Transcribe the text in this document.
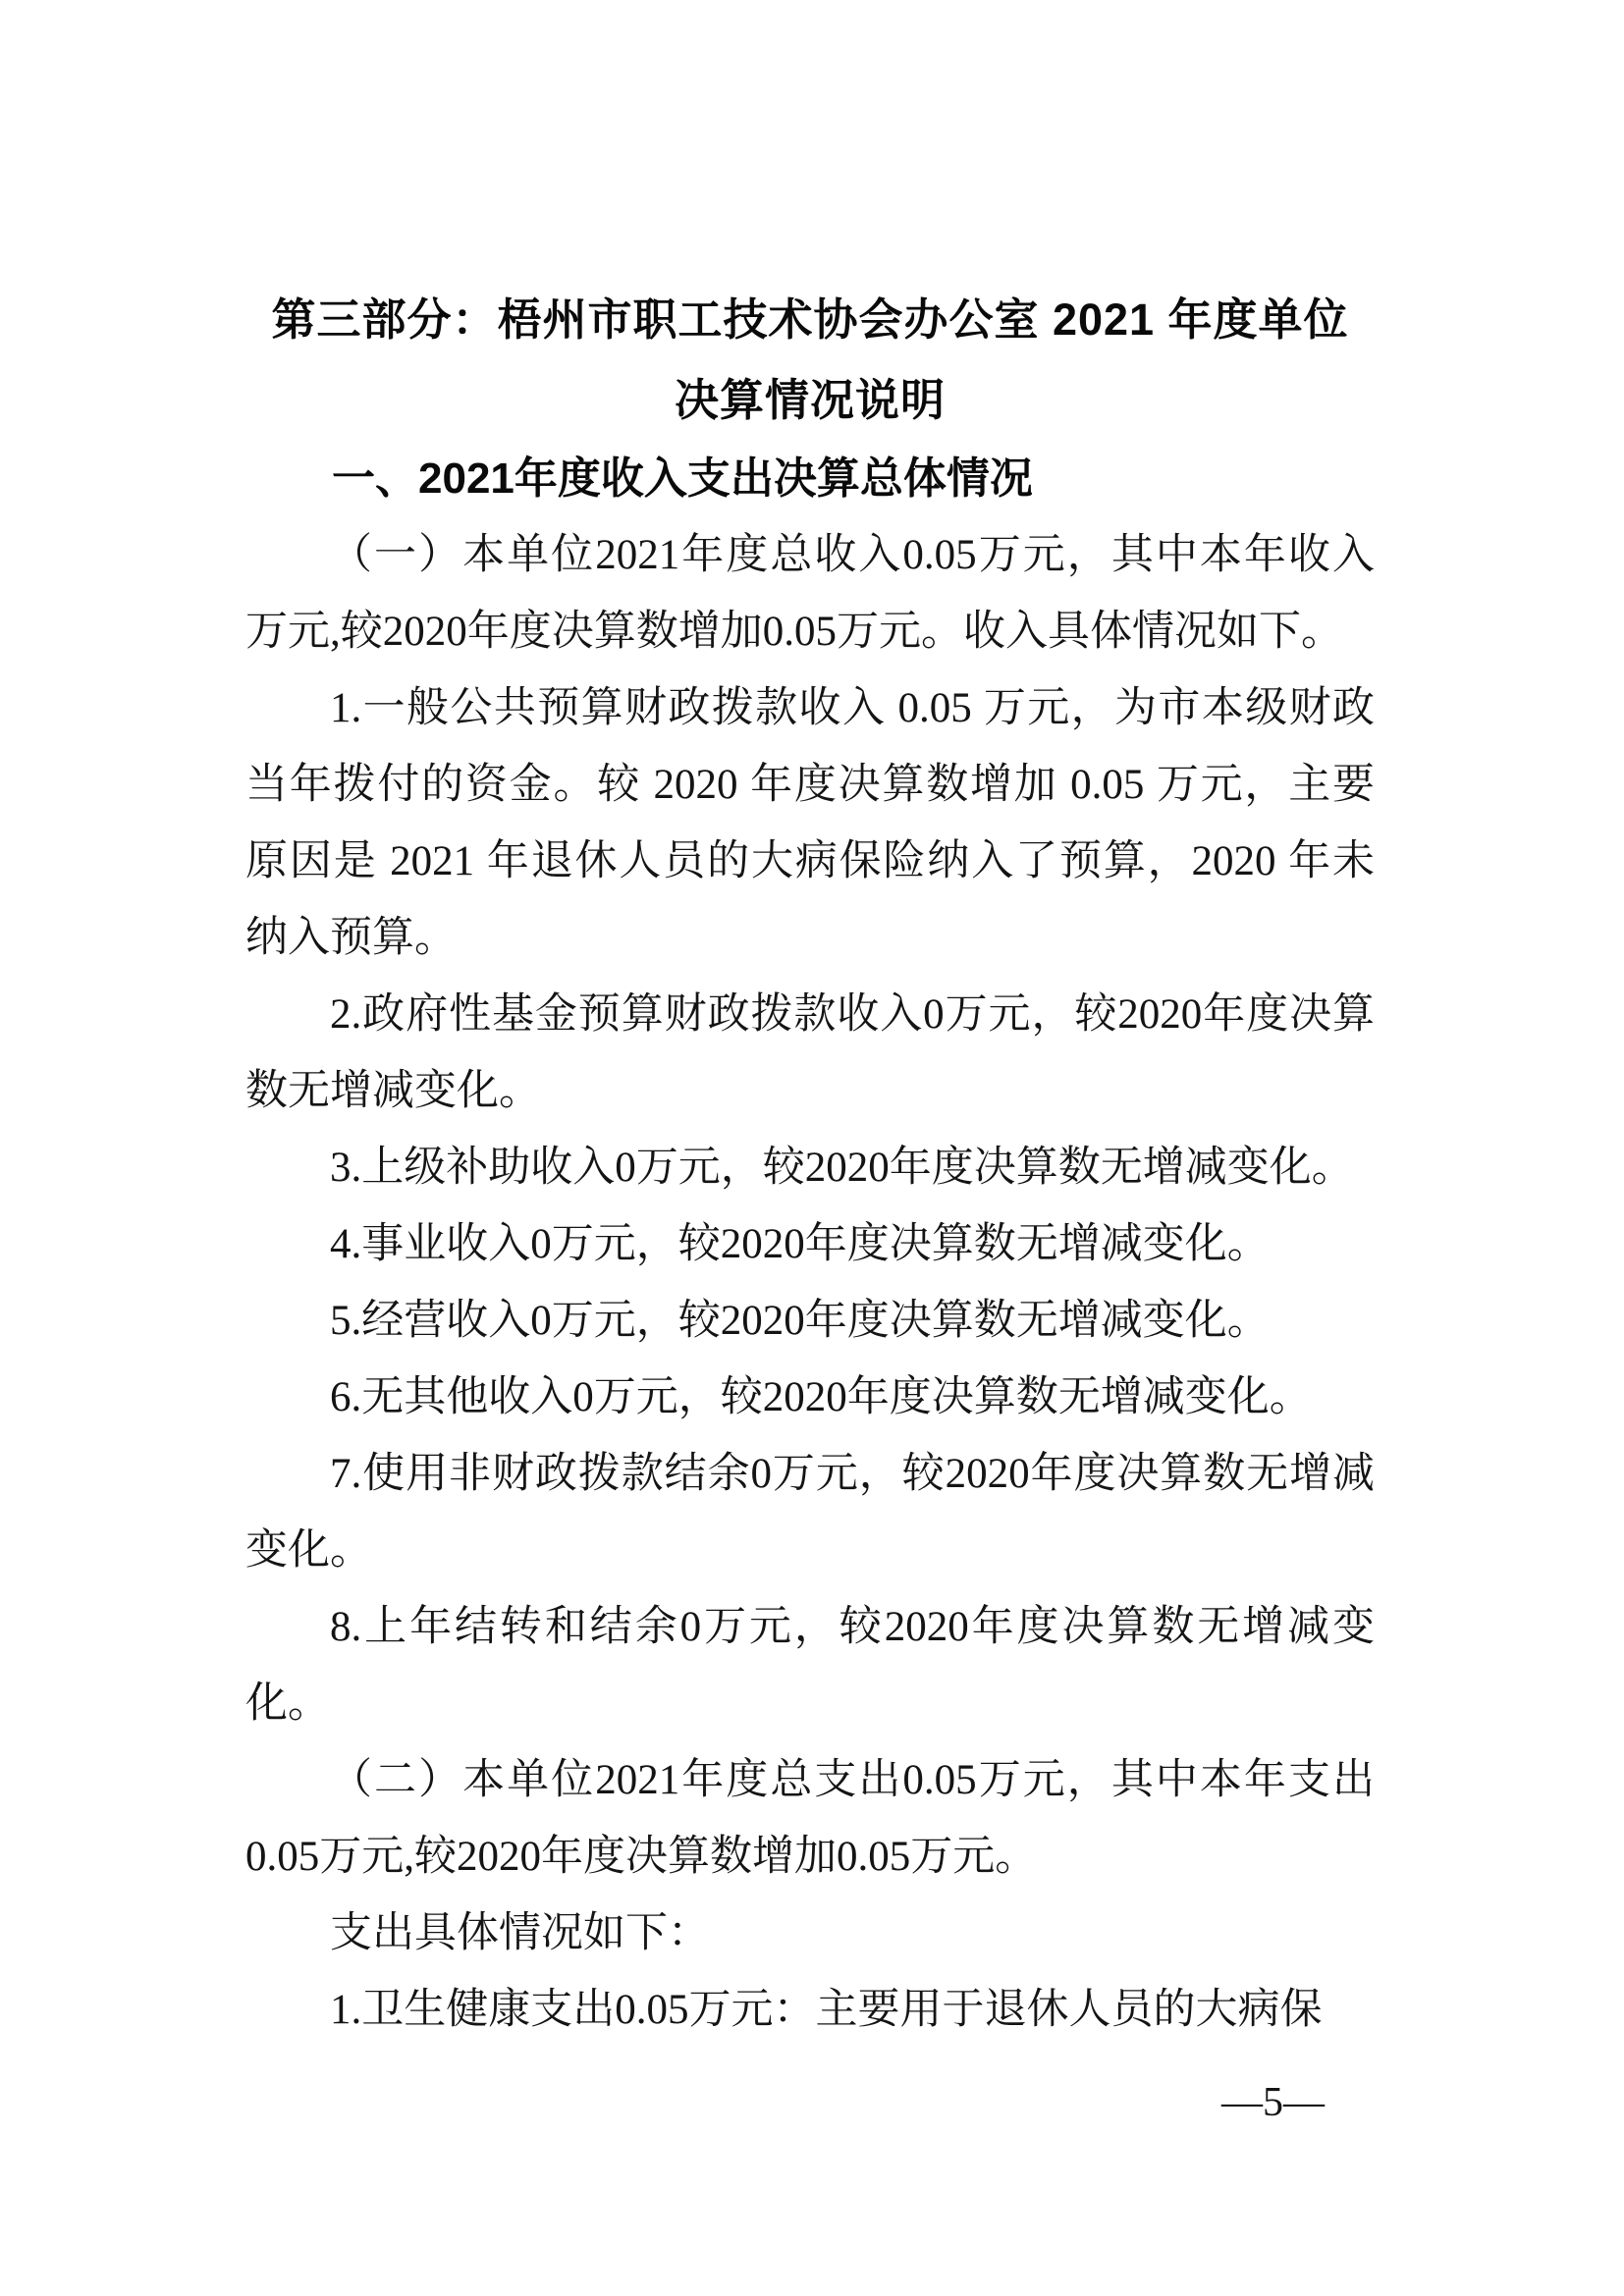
第三部分：梧州市职工技术协会办公室 2021 年度单位
决算情况说明
一、2021年度收入支出决算总体情况

（一）本单位2021年度总收入0.05万元，其中本年收入万元,较2020年度决算数增加0.05万元。收入具体情况如下。

1.一般公共预算财政拨款收入 0.05 万元，为市本级财政当年拨付的资金。较 2020 年度决算数增加 0.05 万元，主要原因是 2021 年退休人员的大病保险纳入了预算，2020 年未纳入预算。

2.政府性基金预算财政拨款收入0万元，较2020年度决算数无增减变化。

3.上级补助收入0万元，较2020年度决算数无增减变化。

4.事业收入0万元，较2020年度决算数无增减变化。

5.经营收入0万元，较2020年度决算数无增减变化。

6.无其他收入0万元，较2020年度决算数无增减变化。

7.使用非财政拨款结余0万元，较2020年度决算数无增减变化。

8.上年结转和结余0万元，较2020年度决算数无增减变化。

（二）本单位2021年度总支出0.05万元，其中本年支出0.05万元,较2020年度决算数增加0.05万元。

支出具体情况如下：

1.卫生健康支出0.05万元：主要用于退休人员的大病保

—5—
